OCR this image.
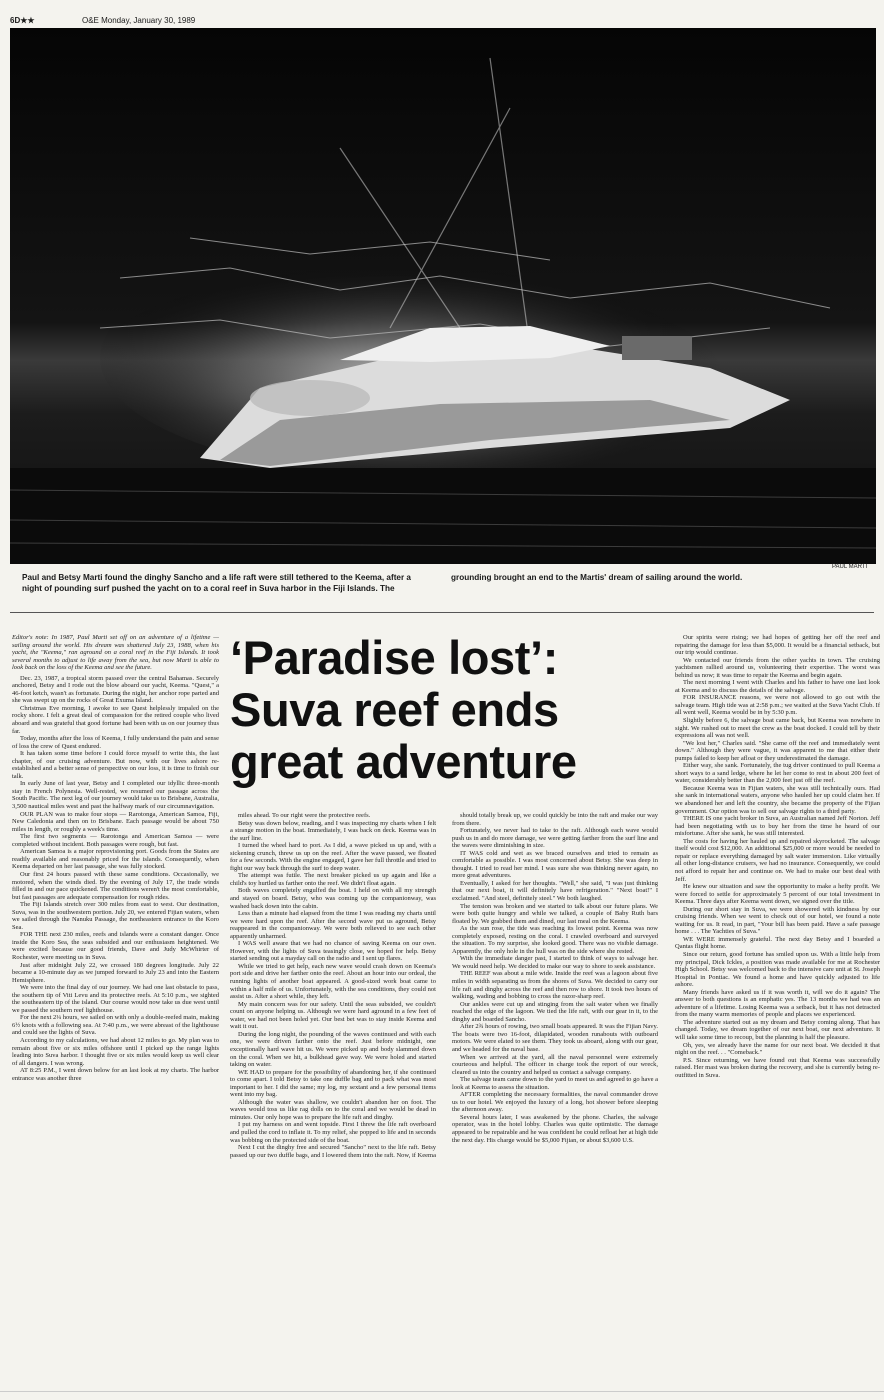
6D★★	O&E Monday, January 30, 1989
PAUL MARTI
Paul and Betsy Marti found the dinghy Sancho and a life raft were still tethered to the Keema, after a night of pounding surf pushed the yacht on to a coral reef in Suva harbor in the Fiji Islands. The grounding brought an end to the Martis' dream of sailing around the world.
‘Paradise lost’:
Suva reef ends
great adventure

Editor's note: In 1987, Paul Marti set off on an adventure of a lifetime — sailing around the world. His dream was shattered July 23, 1988, when his yacht, the "Keema," ran aground on a coral reef in the Fiji Islands. It took several months to adjust to life away from the sea, but now Marti is able to look back on the loss of the Keema and see the future.

Dec. 23, 1987, a tropical storm passed over the central Bahamas. Securely anchored, Betsy and I rode out the blow aboard our yacht, Keema. "Quest," a 46-foot ketch, wasn't as fortunate. During the night, her anchor rope parted and she was swept up on the rocks of Great Exuma Island.

Christmas Eve morning, I awoke to see Quest helplessly impaled on the rocky shore. I felt a great deal of compassion for the retired couple who lived aboard and was grateful that good fortune had been with us on our journey thus far.

Today, months after the loss of Keema, I fully understand the pain and sense of loss the crew of Quest endured.

It has taken some time before I could force myself to write this, the last chapter, of our cruising adventure. But now, with our lives ashore re-established and a better sense of perspective on our loss, it is time to finish our talk.

In early June of last year, Betsy and I completed our idyllic three-month stay in French Polynesia. Well-rested, we resumed our passage across the South Pacific. The next leg of our journey would take us to Brisbane, Australia, 3,500 nautical miles west and past the halfway mark of our circumnavigation.

OUR PLAN was to make four stops — Rarotonga, American Samoa, Fiji, New Caledonia and then on to Brisbane. Each passage would be about 750 miles in length, or roughly a week's time.

The first two segments — Rarotonga and American Samoa — were completed without incident. Both passages were rough, but fast.

American Samoa is a major reprovisioning port. Goods from the States are readily available and reasonably priced for the islands. Consequently, when Keema departed on her last passage, she was fully stocked.

Our first 24 hours passed with these same conditions. Occasionally, we motored, when the winds died. By the evening of July 17, the trade winds filled in and our pace quickened. The conditions weren't the most comfortable, but fast passages are adequate compensation for rough rides.

The Fiji Islands stretch over 300 miles from east to west. Our destination, Suva, was in the southwestern portion. July 20, we entered Fijian waters, when we sailed through the Nanuku Passage, the northeastern entrance to the Koro Sea.

FOR THE next 230 miles, reefs and islands were a constant danger. Once inside the Koro Sea, the seas subsided and our enthusiasm heightened. We were excited because our good friends, Dave and Judy McWhirter of Rochester, were meeting us in Suva.

Just after midnight July 22, we crossed 180 degrees longitude. July 22 became a 10-minute day as we jumped forward to July 23 and into the Eastern Hemisphere.

We were into the final day of our journey. We had one last obstacle to pass, the southern tip of Viti Levu and its protective reefs. At 5:10 p.m., we sighted the southeastern tip of the island. Our course would now take us due west until we passed the southern reef lighthouse.

For the next 2¼ hours, we sailed on with only a double-reefed main, making 6½ knots with a following sea. At 7:40 p.m., we were abreast of the lighthouse and could see the lights of Suva.

According to my calculations, we had about 12 miles to go. My plan was to remain about five or six miles offshore until I picked up the range lights leading into Suva harbor. I thought five or six miles would keep us well clear of all dangers. I was wrong.

AT 8:25 P.M., I went down below for an last look at my charts. The harbor entrance was another three

miles ahead. To our right were the protective reefs.

Betsy was down below, reading, and I was inspecting my charts when I felt a strange motion in the boat. Immediately, I was back on deck. Keema was in the surf line.

I turned the wheel hard to port. As I did, a wave picked us up and, with a sickening crunch, threw us up on the reef. After the wave passed, we floated for a few seconds. With the engine engaged, I gave her full throttle and tried to fight our way back through the surf to deep water.

The attempt was futile. The next breaker picked us up again and like a child's toy hurtled us farther onto the reef. We didn't float again.

Both waves completely engulfed the boat. I held on with all my strength and stayed on board. Betsy, who was coming up the companionway, was washed back down into the cabin.

Less than a minute had elapsed from the time I was reading my charts until we were hard upon the reef. After the second wave put us aground, Betsy reappeared in the companionway. We were both relieved to see each other apparently unharmed.

I WAS well aware that we had no chance of saving Keema on our own. However, with the lights of Suva teasingly close, we hoped for help. Betsy started sending out a mayday call on the radio and I sent up flares.

While we tried to get help, each new wave would crash down on Keema's port side and drive her farther onto the reef. About an hour into our ordeal, the running lights of another boat appeared. A good-sized work boat came to within a half mile of us. Unfortunately, with the sea conditions, they could not assist us. After a short while, they left.

My main concern was for our safety. Until the seas subsided, we couldn't count on anyone helping us. Although we were hard aground in a few feet of water, we had not been holed yet. Our best bet was to stay inside Keema and wait it out.

During the long night, the pounding of the waves continued and with each one, we were driven farther onto the reef. Just before midnight, one exceptionally hard wave hit us. We were picked up and body slammed down on the coral. When we hit, a bulkhead gave way. We were holed and started taking on water.

WE HAD to prepare for the possibility of abandoning her, if she continued to come apart. I told Betsy to take one duffle bag and to pack what was most important to her. I did the same; my log, my sextant and a few personal items went into my bag.

Although the water was shallow, we couldn't abandon her on foot. The waves would toss us like rag dolls on to the coral and we would be dead in minutes. Our only hope was to prepare the life raft and dinghy.

I put my harness on and went topside. First I threw the life raft overboard and pulled the cord to inflate it. To my relief, she popped to life and in seconds was bobbing on the protected side of the boat.

Next I cut the dinghy free and secured "Sancho" next to the life raft. Betsy passed up our two duffle bags, and I lowered them into the raft. Now, if Keema

should totally break up, we could quickly be into the raft and make our way from there.

Fortunately, we never had to take to the raft. Although each wave would push us in and do more damage, we were getting farther from the surf line and the waves were diminishing in size.

IT WAS cold and wet as we braced ourselves and tried to remain as comfortable as possible. I was most concerned about Betsy. She was deep in thought. I tried to read her mind. I was sure she was thinking never again, no more great adventures.

Eventually, I asked for her thoughts. "Well," she said, "I was just thinking that our next boat, it will definitely have refrigeration." "Next boat!" I exclaimed. "And steel, definitely steel." We both laughed.

The tension was broken and we started to talk about our future plans. We were both quite hungry and while we talked, a couple of Baby Ruth bars floated by. We grabbed them and dined, our last meal on the Keema.

As the sun rose, the tide was reaching its lowest point. Keema was now completely exposed, resting on the coral. I crawled overboard and surveyed the situation. To my surprise, she looked good. There was no visible damage. Apparently, the only hole in the hull was on the side where she rested.

With the immediate danger past, I started to think of ways to salvage her. We would need help. We decided to make our way to shore to seek assistance.

THE REEF was about a mile wide. Inside the reef was a lagoon about five miles in width separating us from the shores of Suva. We decided to carry our life raft and dinghy across the reef and then row to shore. It took two hours of walking, wading and bobbing to cross the razor-sharp reef.

Our ankles were cut up and stinging from the salt water when we finally reached the edge of the lagoon. We tied the life raft, with our gear in it, to the dinghy and boarded Sancho.

After 2¾ hours of rowing, two small boats appeared. It was the Fijian Navy. The boats were two 16-foot, dilapidated, wooden runabouts with outboard motors. We were elated to see them. They took us aboard, along with our gear, and we headed for the naval base.

When we arrived at the yard, all the naval personnel were extremely courteous and helpful. The officer in charge took the report of our wreck, cleared us into the country and helped us contact a salvage company.

The salvage team came down to the yard to meet us and agreed to go have a look at Keema to assess the situation.

AFTER completing the necessary formalities, the naval commander drove us to our hotel. We enjoyed the luxury of a long, hot shower before sleeping the afternoon away.

Several hours later, I was awakened by the phone. Charles, the salvage operator, was in the hotel lobby. Charles was quite optimistic. The damage appeared to be repairable and he was confident he could refloat her at high tide the next day. His charge would be $5,000 Fijian, or about $3,600 U.S.

Our spirits were rising; we had hopes of getting her off the reef and repairing the damage for less than $5,000. It would be a financial setback, but our trip would continue.

We contacted our friends from the other yachts in town. The cruising yachtsmen rallied around us, volunteering their expertise. The worst was behind us now; it was time to repair the Keema and begin again.

The next morning I went with Charles and his father to have one last look at Keema and to discuss the details of the salvage.

FOR INSURANCE reasons, we were not allowed to go out with the salvage team. High tide was at 2:58 p.m.; we waited at the Suva Yacht Club. If all went well, Keema would be in by 5:30 p.m.

Slightly before 6, the salvage boat came back, but Keema was nowhere in sight. We rushed out to meet the crew as the boat docked. I could tell by their expressions all was not well.

"We lost her," Charles said. "She came off the reef and immediately went down." Although they were vague, it was apparent to me that either their pumps failed to keep her afloat or they underestimated the damage.

Either way, she sank. Fortunately, the tug driver continued to pull Keema a short ways to a sand ledge, where he let her come to rest in about 200 feet of water, considerably better than the 2,000 feet just off the reef.

Because Keema was in Fijian waters, she was still technically ours. Had she sank in international waters, anyone who hauled her up could claim her. If we abandoned her and left the country, she became the property of the Fijian government. Our option was to sell our salvage rights to a third party.

THERE IS one yacht broker in Suva, an Australian named Jeff Norton. Jeff had been negotiating with us to buy her from the time he heard of our misfortune. After she sank, he was still interested.

The costs for having her hauled up and repaired skyrocketed. The salvage itself would cost $12,000. An additional $25,000 or more would be needed to repair or replace everything damaged by salt water immersion. Like virtually all other long-distance cruisers, we had no insurance. Consequently, we could not afford to repair her and continue on. We had to make our best deal with Jeff.

He knew our situation and saw the opportunity to make a hefty profit. We were forced to settle for approximately 5 percent of our total investment in Keema. Three days after Keema went down, we signed over the title.

During our short stay in Suva, we were showered with kindness by our cruising friends. When we went to check out of our hotel, we found a note waiting for us. It read, in part, "Your bill has been paid. Have a safe passage home . . . The Yachties of Suva."

WE WERE immensely grateful. The next day Betsy and I boarded a Qantas flight home.

Since our return, good fortune has smiled upon us. With a little help from my principal, Dick Ickles, a position was made available for me at Rochester High School. Betsy was welcomed back to the intensive care unit at St. Joseph Hospital in Pontiac. We found a home and have quickly adjusted to life ashore.

Many friends have asked us if it was worth it, will we do it again? The answer to both questions is an emphatic yes. The 13 months we had was an adventure of a lifetime. Losing Keema was a setback, but it has not detracted from the many warm memories of people and places we experienced.

The adventure started out as my dream and Betsy coming along. That has changed. Today, we dream together of our next boat, our next adventure. It will take some time to recoup, but the planning is half the pleasure.

Oh, yes, we already have the name for our next boat. We decided it that night on the reef. . . "Comeback."

P.S. Since returning, we have found out that Keema was successfully raised. Her mast was broken during the recovery, and she is currently being re-outfitted in Suva.
